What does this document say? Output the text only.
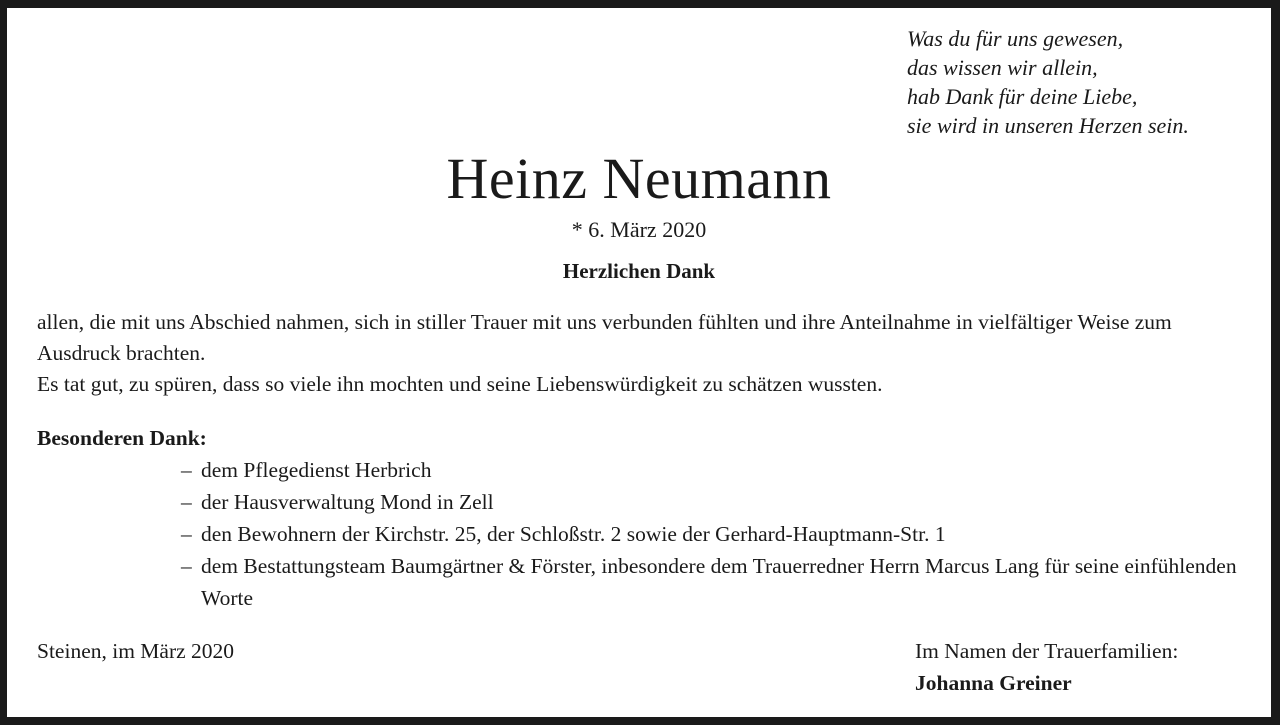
Was du für uns gewesen,
das wissen wir allein,
hab Dank für deine Liebe,
sie wird in unseren Herzen sein.
Heinz Neumann
* 6. März 2020
Herzlichen Dank

allen, die mit uns Abschied nahmen, sich in stiller Trauer mit uns verbunden fühlten und ihre Anteilnahme in vielfältiger Weise zum Ausdruck brachten.

Es tat gut, zu spüren, dass so viele ihn mochten und seine Liebenswürdigkeit zu schätzen wussten.

Besonderen Dank:
– dem Pflegedienst Herbrich
– der Hausverwaltung Mond in Zell
– den Bewohnern der Kirchstr. 25, der Schloßstr. 2 sowie der Gerhard-Hauptmann-Str. 1
– dem Bestattungsteam Baumgärtner & Förster, inbesondere dem Trauerredner Herrn Marcus Lang für seine einfühlenden Worte
Steinen, im März 2020	Im Namen der Trauerfamilien:
Johanna Greiner
